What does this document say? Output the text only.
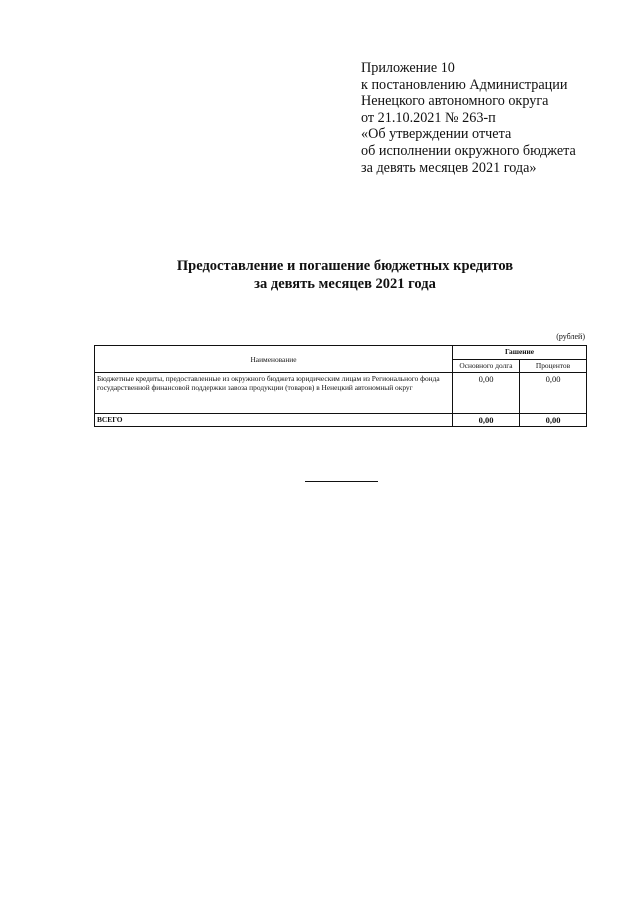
Приложение 10
к постановлению Администрации
Ненецкого автономного округа
от 21.10.2021 № 263-п
«Об утверждении отчета
об исполнении окружного бюджета
за девять месяцев 2021 года»
Предоставление и погашение бюджетных кредитов
за девять месяцев 2021 года
(рублей)
Наименование	Гашение	
	Основного долга	Процентов
Бюджетные кредиты, предоставленные из окружного бюджета юридическим лицам из Регионального фонда государственной финансовой поддержки завоза продукции (товаров) в Ненецкий автономный округ	0,00	0,00
ВСЕГО	0,00	0,00
